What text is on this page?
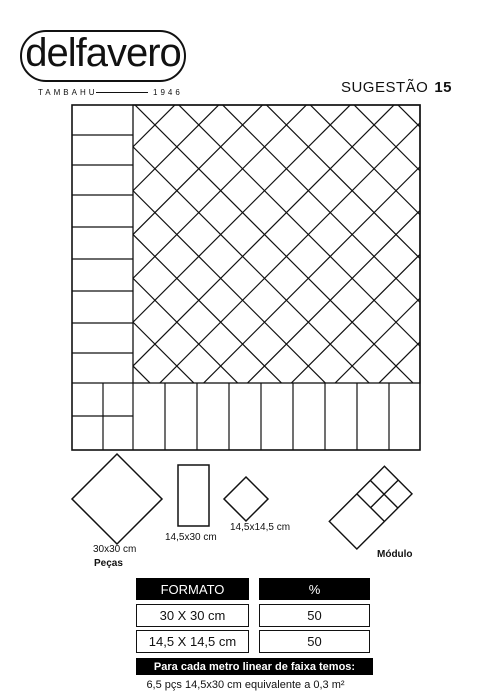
delfavero
TAMBAHU	1946	SUGESTÃO 15
30x30 cm
Peças
14,5x30 cm
14,5x14,5 cm
Módulo
FORMATO	%
30 X 30 cm	50
14,5 X 14,5 cm	50
Para cada metro linear de faixa temos:
6,5 pçs 14,5x30 cm equivalente a 0,3 m²
